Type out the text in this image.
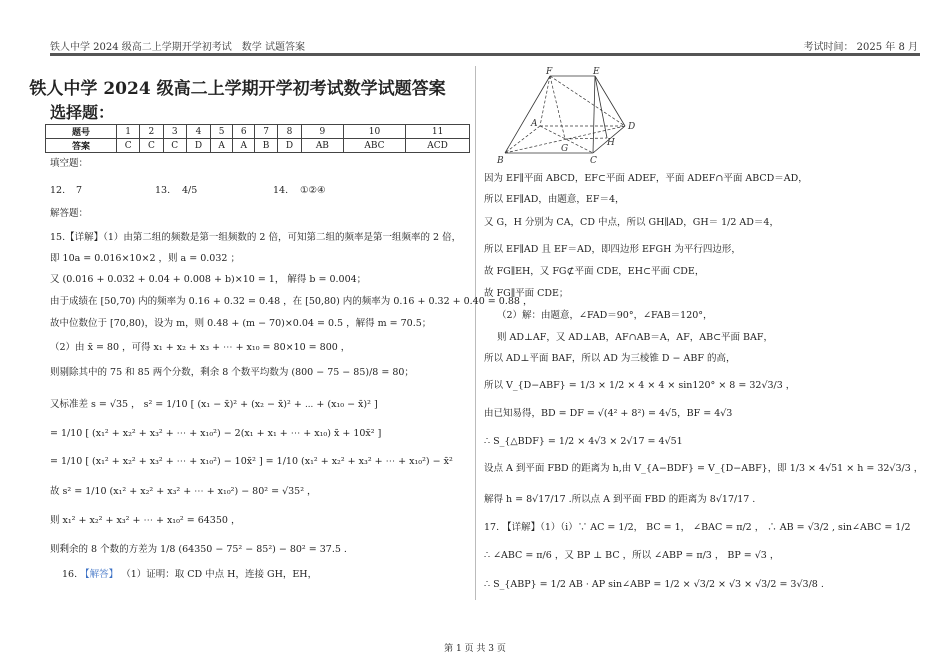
铁人中学 2024 级高二上学期开学初考试　数学 试题答案	考试时间： 2025 年 8 月
铁人中学 2024 级高二上学期开学初考试数学试题答案
选择题：
题号	1	2	3	4	5	6	7	8	9	10	11
答案	C	C	C	D	A	A	B	D	AB	ABC	ACD
填空题：
12. 7	13. 4/5	14. ①②④
解答题：
15.【详解】（1）由第二组的频数是第一组频数的 2 倍，可知第二组的频率是第一组频率的 2 倍，
即 10a = 0.016×10×2 ，则 a = 0.032 ；
又 (0.016 + 0.032 + 0.04 + 0.008 + b)×10 = 1， 解得 b = 0.004；
由于成绩在 [50,70) 内的频率为 0.16 + 0.32 = 0.48 ，在 [50,80) 内的频率为 0.16 + 0.32 + 0.40 = 0.88 ，
故中位数位于 [70,80)，设为 m，则 0.48 + (m − 70)×0.04 = 0.5 ，解得 m = 70.5；
（2）由 x̄ = 80 ，可得 x₁ + x₂ + x₃ + ⋯ + x₁₀ = 80×10 = 800 ，
则剔除其中的 75 和 85 两个分数，剩余 8 个数平均数为 (800 − 75 − 85)/8 = 80；
又标准差 s = √35 ， s² = 1/10 [ (x₁ − x̄)² + (x₂ − x̄)² + ⋯ + (x₁₀ − x̄)² ]
= 1/10 [ (x₁² + x₂² + x₃² + ⋯ + x₁₀²) − 2(x₁ + x₁ + ⋯ + x₁₀) x̄ + 10x̄² ]
= 1/10 [ (x₁² + x₂² + x₃² + ⋯ + x₁₀²) − 10x̄² ] = 1/10 (x₁² + x₂² + x₃² + ⋯ + x₁₀²) − x̄²
故 s² = 1/10 (x₁² + x₂² + x₃² + ⋯ + x₁₀²) − 80² = √35² ，
则 x₁² + x₂² + x₃² + ⋯ + x₁₀² = 64350 ，
则剩余的 8 个数的方差为 1/8 (64350 − 75² − 85²) − 80² = 37.5 .
16. 【解答】 （1）证明：取 CD 中点 H，连接 GH，EH，
F	E
A	D
G
H
B	C
因为 EF∥平面 ABCD，EF⊂平面 ADEF，平面 ADEF∩平面 ABCD＝AD，
所以 EF∥AD，由题意，EF＝4，
又 G，H 分别为 CA，CD 中点，所以 GH∥AD，GH＝ 1/2 AD＝4，
所以 EF∥AD 且 EF＝AD，即四边形 EFGH 为平行四边形，
故 FG∥EH，又 FG⊄平面 CDE，EH⊂平面 CDE，
故 FG∥平面 CDE；
（2）解：由题意，∠FAD＝90°，∠FAB＝120°，
则 AD⊥AF，又 AD⊥AB，AF∩AB＝A，AF，AB⊂平面 BAF，
所以 AD⊥平面 BAF，所以 AD 为三棱锥 D − ABF 的高，
所以 V_{D−ABF} = 1/3 × 1/2 × 4 × 4 × sin120° × 8 = 32√3/3 ，
由已知易得，BD = DF = √(4² + 8²) = 4√5，BF = 4√3
∴ S_{△BDF} = 1/2 × 4√3 × 2√17 = 4√51
设点 A 到平面 FBD 的距离为 h,由 V_{A−BDF} = V_{D−ABF}，即 1/3 × 4√51 × h = 32√3/3 ，
解得 h = 8√17/17 .所以点 A 到平面 FBD 的距离为 8√17/17 .
17. 【详解】（1）（i）∵ AC = 1/2， BC = 1， ∠BAC = π/2 ， ∴ AB = √3/2 , sin∠ABC = 1/2
∴ ∠ABC = π/6 ，又 BP ⊥ BC ，所以 ∠ABP = π/3 ， BP = √3 ，
∴ S_{ABP} = 1/2 AB · AP sin∠ABP = 1/2 × √3/2 × √3 × √3/2 = 3√3/8 .
第 1 页 共 3 页
